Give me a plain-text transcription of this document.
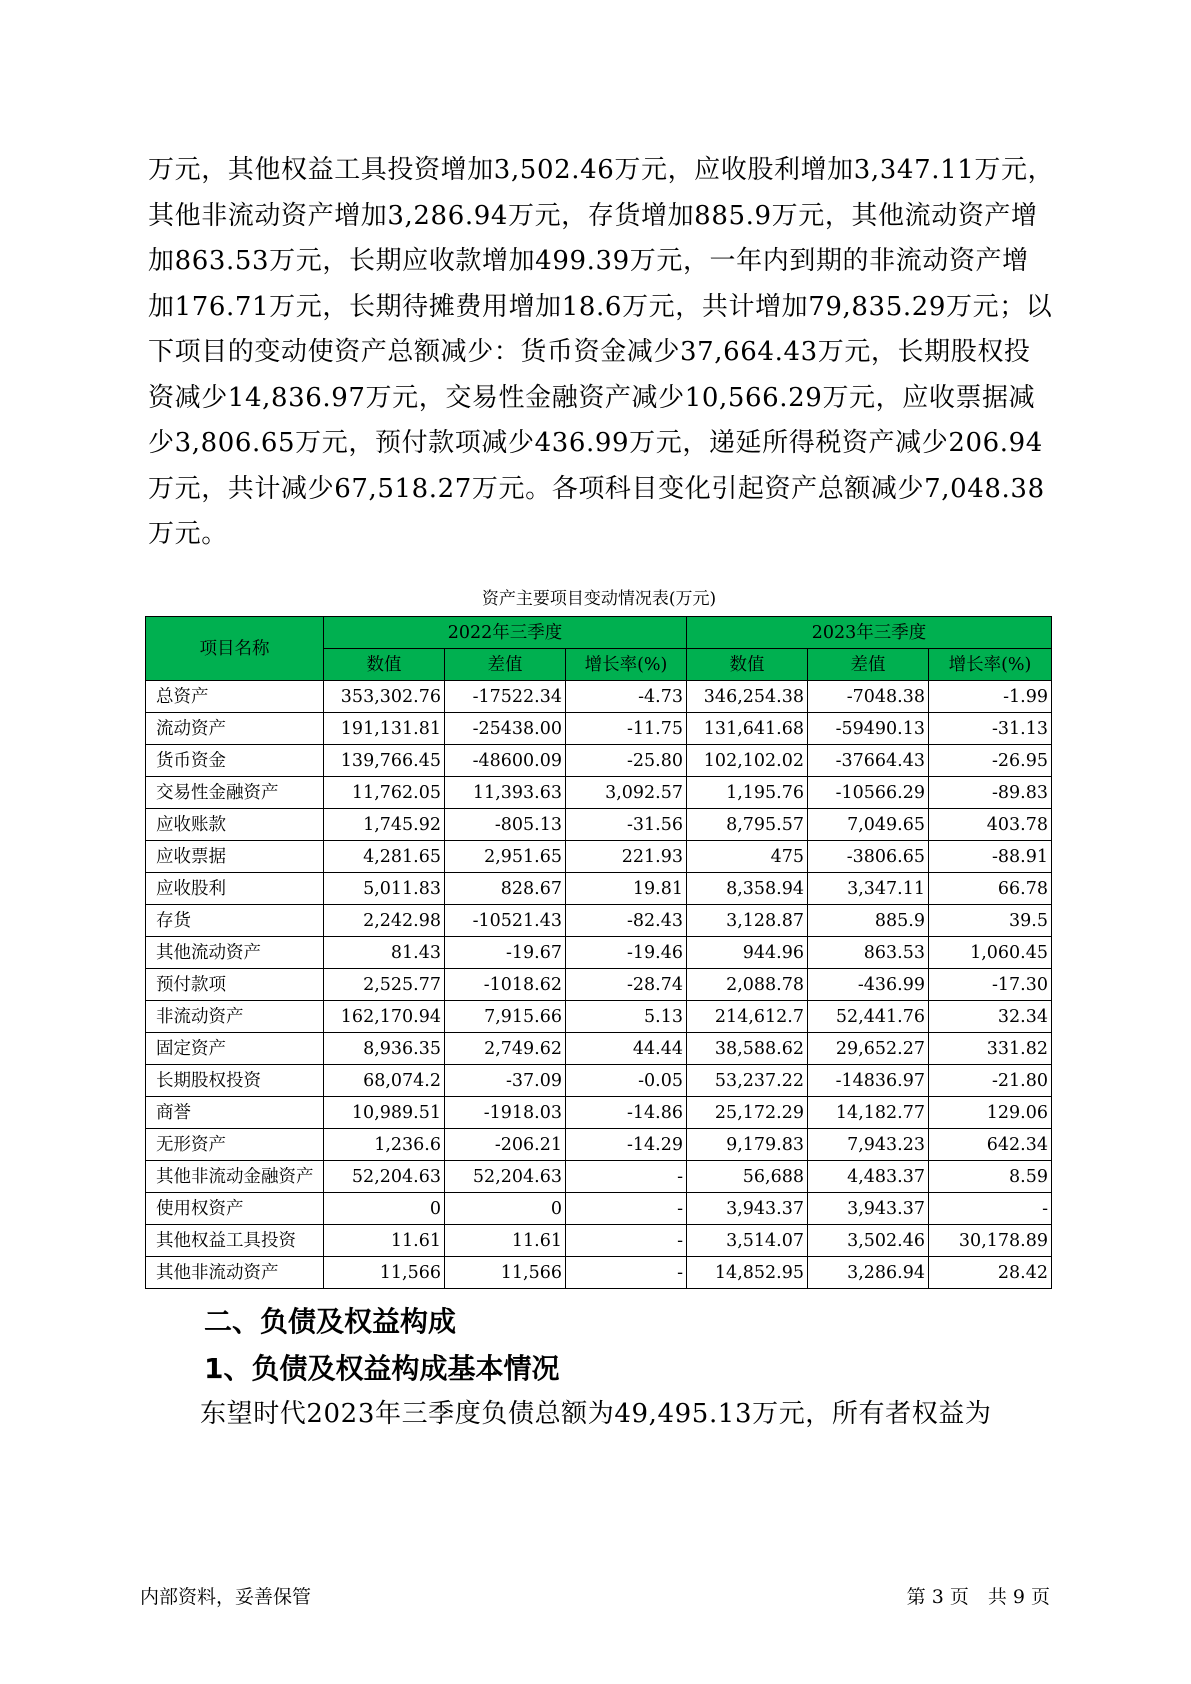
万元，其他权益工具投资增加3,502.46万元，应收股利增加3,347.11万元，
其他非流动资产增加3,286.94万元，存货增加885.9万元，其他流动资产增
加863.53万元，长期应收款增加499.39万元，一年内到期的非流动资产增
加176.71万元，长期待摊费用增加18.6万元，共计增加79,835.29万元；以
下项目的变动使资产总额减少：货币资金减少37,664.43万元，长期股权投
资减少14,836.97万元，交易性金融资产减少10,566.29万元，应收票据减
少3,806.65万元，预付款项减少436.99万元，递延所得税资产减少206.94
万元，共计减少67,518.27万元。各项科目变化引起资产总额减少7,048.38
万元。

资产主要项目变动情况表(万元)

项目名称	2022年三季度			2023年三季度		
	数值	差值	增长率(%)	数值	差值	增长率(%)
总资产	353,302.76	-17522.34	-4.73	346,254.38	-7048.38	-1.99
流动资产	191,131.81	-25438.00	-11.75	131,641.68	-59490.13	-31.13
货币资金	139,766.45	-48600.09	-25.80	102,102.02	-37664.43	-26.95
交易性金融资产	11,762.05	11,393.63	3,092.57	1,195.76	-10566.29	-89.83
应收账款	1,745.92	-805.13	-31.56	8,795.57	7,049.65	403.78
应收票据	4,281.65	2,951.65	221.93	475	-3806.65	-88.91
应收股利	5,011.83	828.67	19.81	8,358.94	3,347.11	66.78
存货	2,242.98	-10521.43	-82.43	3,128.87	885.9	39.5
其他流动资产	81.43	-19.67	-19.46	944.96	863.53	1,060.45
预付款项	2,525.77	-1018.62	-28.74	2,088.78	-436.99	-17.30
非流动资产	162,170.94	7,915.66	5.13	214,612.7	52,441.76	32.34
固定资产	8,936.35	2,749.62	44.44	38,588.62	29,652.27	331.82
长期股权投资	68,074.2	-37.09	-0.05	53,237.22	-14836.97	-21.80
商誉	10,989.51	-1918.03	-14.86	25,172.29	14,182.77	129.06
无形资产	1,236.6	-206.21	-14.29	9,179.83	7,943.23	642.34
其他非流动金融资产	52,204.63	52,204.63	-	56,688	4,483.37	8.59
使用权资产	0	0	-	3,943.37	3,943.37	-
其他权益工具投资	11.61	11.61	-	3,514.07	3,502.46	30,178.89
其他非流动资产	11,566	11,566	-	14,852.95	3,286.94	28.42

二、负债及权益构成

1、负债及权益构成基本情况

东望时代2023年三季度负债总额为49,495.13万元，所有者权益为

内部资料，妥善保管	第 3 页　共 9 页
